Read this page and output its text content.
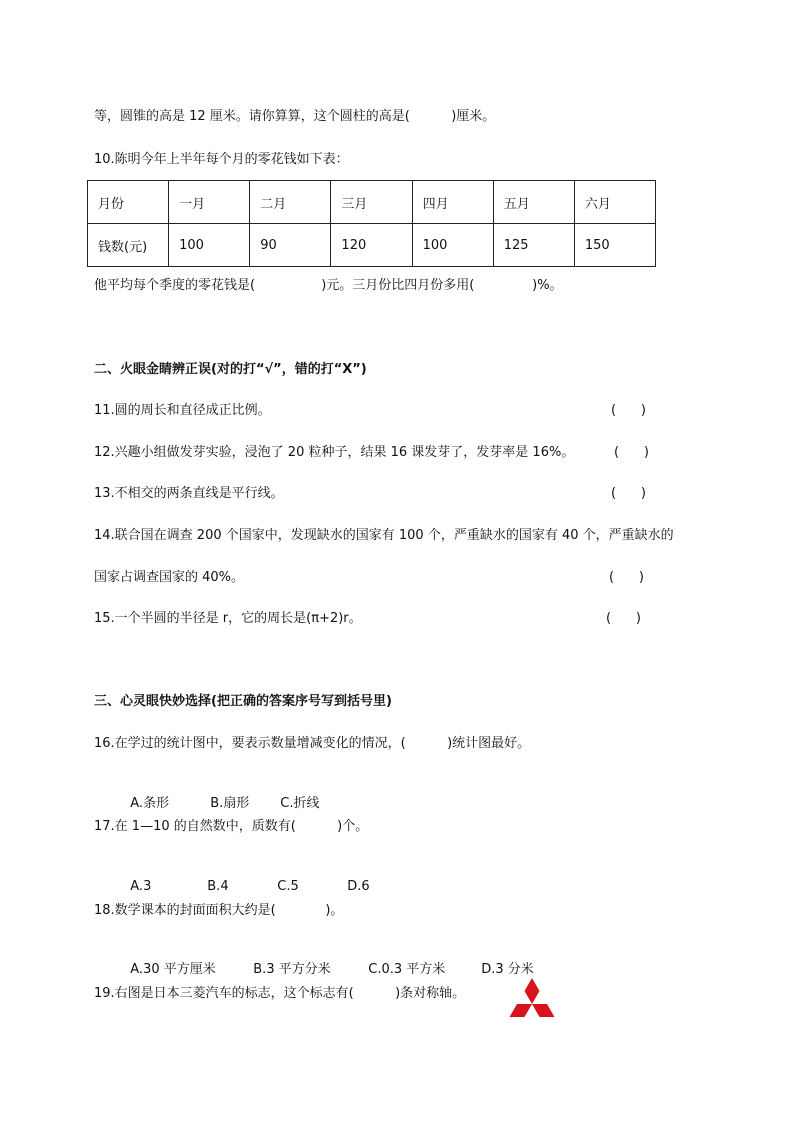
等，圆锥的高是 12 厘米。请你算算，这个圆柱的高是(          )厘米。
10.陈明今年上半年每个月的零花钱如下表：
月份	一月	二月	三月	四月	五月	六月
钱数(元)	100	90	120	100	125	150
他平均每个季度的零花钱是(                )元。三月份比四月份多用(              )%。
二、火眼金睛辨正误(对的打“√”，错的打“X”)
11.圆的周长和直径成正比例。	(      )
12.兴趣小组做发芽实验，浸泡了 20 粒种子，结果 16 课发芽了，发芽率是 16%。	(      )
13.不相交的两条直线是平行线。	(      )
14.联合国在调查 200 个国家中，发现缺水的国家有 100 个，严重缺水的国家有 40 个，严重缺水的
国家占调查国家的 40%。	(      )
15.一个半圆的半径是 r，它的周长是(π+2)r。	(      )
三、心灵眼快妙选择(把正确的答案序号写到括号里)
16.在学过的统计图中，要表示数量增减变化的情况，(          )统计图最好。

A.条形	B.扇形 C.折线

17.在 1—10 的自然数中，质数有(          )个。

A.3	B.4	C.5	D.6

18.数学课本的封面面积大约是(            )。

A.30 平方厘米	B.3 平方分米	C.0.3 平方米	D.3 分米

19.右图是日本三菱汽车的标志，这个标志有(          )条对称轴。
